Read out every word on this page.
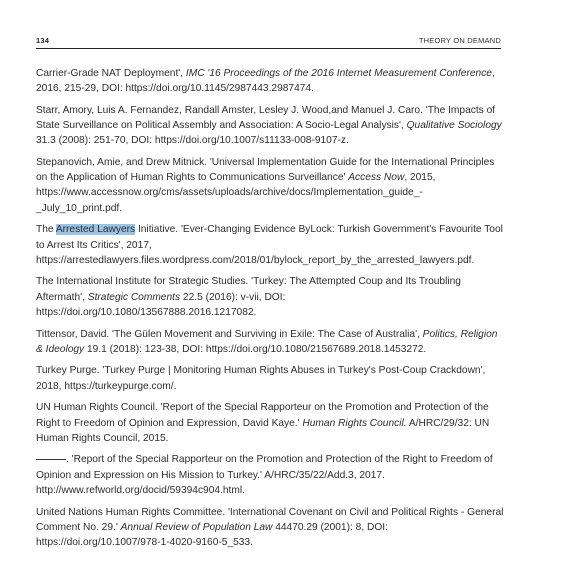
134	THEORY ON DEMAND

Carrier-Grade NAT Deployment', IMC '16 Proceedings of the 2016 Internet Measurement Conference, 2016, 215-29, DOI: https://doi.org/10.1145/2987443.2987474.

Starr, Amory, Luis A. Fernandez, Randall Amster, Lesley J. Wood,and Manuel J. Caro. 'The Impacts of State Surveillance on Political Assembly and Association: A Socio-Legal Analysis', Qualitative Sociology 31.3 (2008): 251-70, DOI: https://doi.org/10.1007/s11133-008-9107-z.

Stepanovich, Amie, and Drew Mitnick. 'Universal Implementation Guide for the International Principles on the Application of Human Rights to Communications Surveillance' Access Now, 2015, https://www.accessnow.org/cms/assets/uploads/archive/docs/Implementation_guide_-_July_10_print.pdf.

The Arrested Lawyers Initiative. 'Ever-Changing Evidence ByLock: Turkish Government's Favourite Tool to Arrest Its Critics', 2017, https://arrestedlawyers.files.wordpress.com/2018/01/bylock_report_by_the_arrested_lawyers.pdf.

The International Institute for Strategic Studies. 'Turkey: The Attempted Coup and Its Troubling Aftermath', Strategic Comments 22.5 (2016): v-vii, DOI: https://doi.org/10.1080/13567888.2016.1217082.

Tittensor, David. 'The Gülen Movement and Surviving in Exile: The Case of Australia', Politics, Religion & Ideology 19.1 (2018): 123-38, DOI: https://doi.org/10.1080/21567689.2018.1453272.

Turkey Purge. 'Turkey Purge | Monitoring Human Rights Abuses in Turkey's Post-Coup Crackdown', 2018, https://turkeypurge.com/.

UN Human Rights Council. 'Report of the Special Rapporteur on the Promotion and Protection of the Right to Freedom of Opinion and Expression, David Kaye.' Human Rights Council. A/HRC/29/32: UN Human Rights Council, 2015.

. 'Report of the Special Rapporteur on the Promotion and Protection of the Right to Freedom of Opinion and Expression on His Mission to Turkey.' A/HRC/35/22/Add.3, 2017. http://www.refworld.org/docid/59394c904.html.

United Nations Human Rights Committee. 'International Covenant on Civil and Political Rights - General Comment No. 29.' Annual Review of Population Law 44470.29 (2001): 8, DOI: https://doi.org/10.1007/978-1-4020-9160-5_533.
